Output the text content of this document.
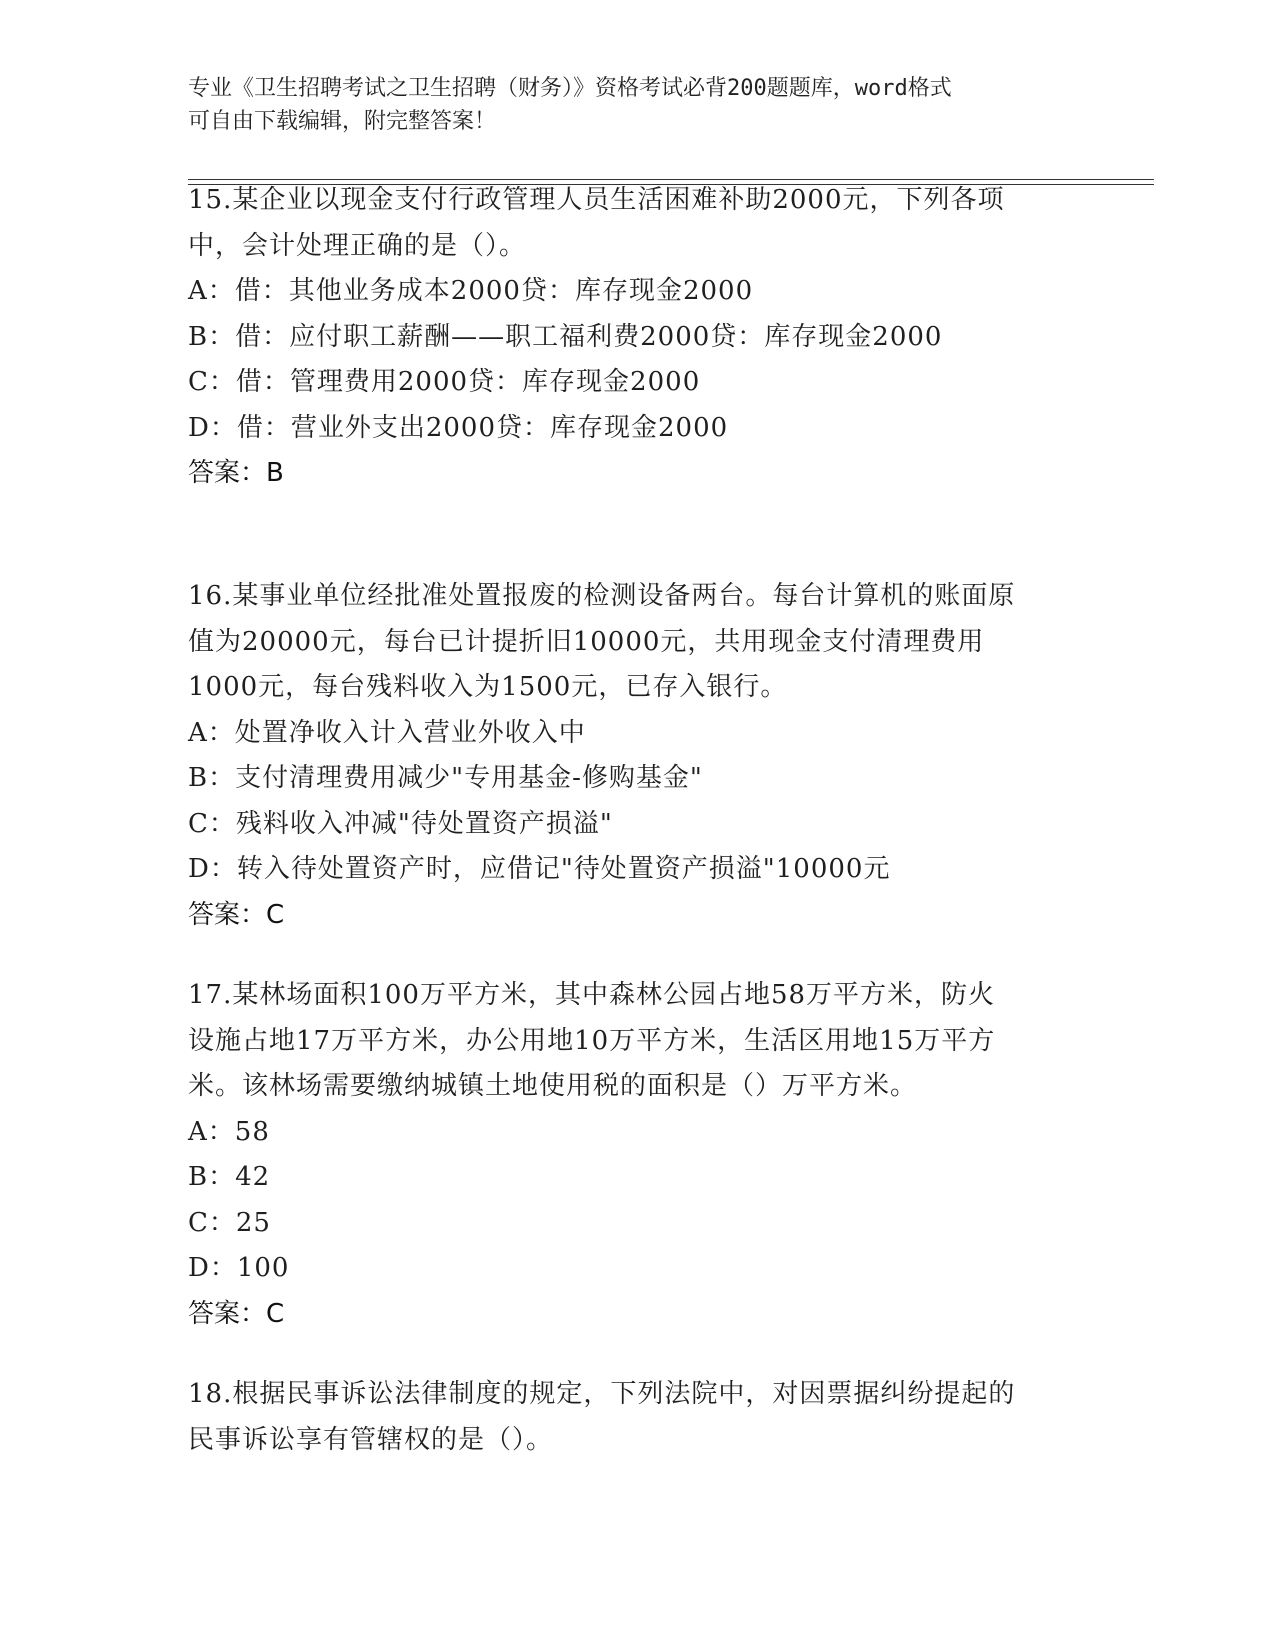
专业《卫生招聘考试之卫生招聘（财务）》资格考试必背200题题库，word格式
可自由下载编辑，附完整答案！
15.某企业以现金支付行政管理人员生活困难补助2000元，下列各项
中，会计处理正确的是（）。
A：借：其他业务成本2000贷：库存现金2000
B：借：应付职工薪酬——职工福利费2000贷：库存现金2000
C：借：管理费用2000贷：库存现金2000
D：借：营业外支出2000贷：库存现金2000
答案：B
16.某事业单位经批准处置报废的检测设备两台。每台计算机的账面原
值为20000元，每台已计提折旧10000元，共用现金支付清理费用
1000元，每台残料收入为1500元，已存入银行。
A：处置净收入计入营业外收入中
B：支付清理费用减少"专用基金-修购基金"
C：残料收入冲减"待处置资产损溢"
D：转入待处置资产时，应借记"待处置资产损溢"10000元
答案：C
17.某林场面积100万平方米，其中森林公园占地58万平方米，防火
设施占地17万平方米，办公用地10万平方米，生活区用地15万平方
米。该林场需要缴纳城镇土地使用税的面积是（）万平方米。
A：58
B：42
C：25
D：100
答案：C
18.根据民事诉讼法律制度的规定，下列法院中，对因票据纠纷提起的
民事诉讼享有管辖权的是（）。
